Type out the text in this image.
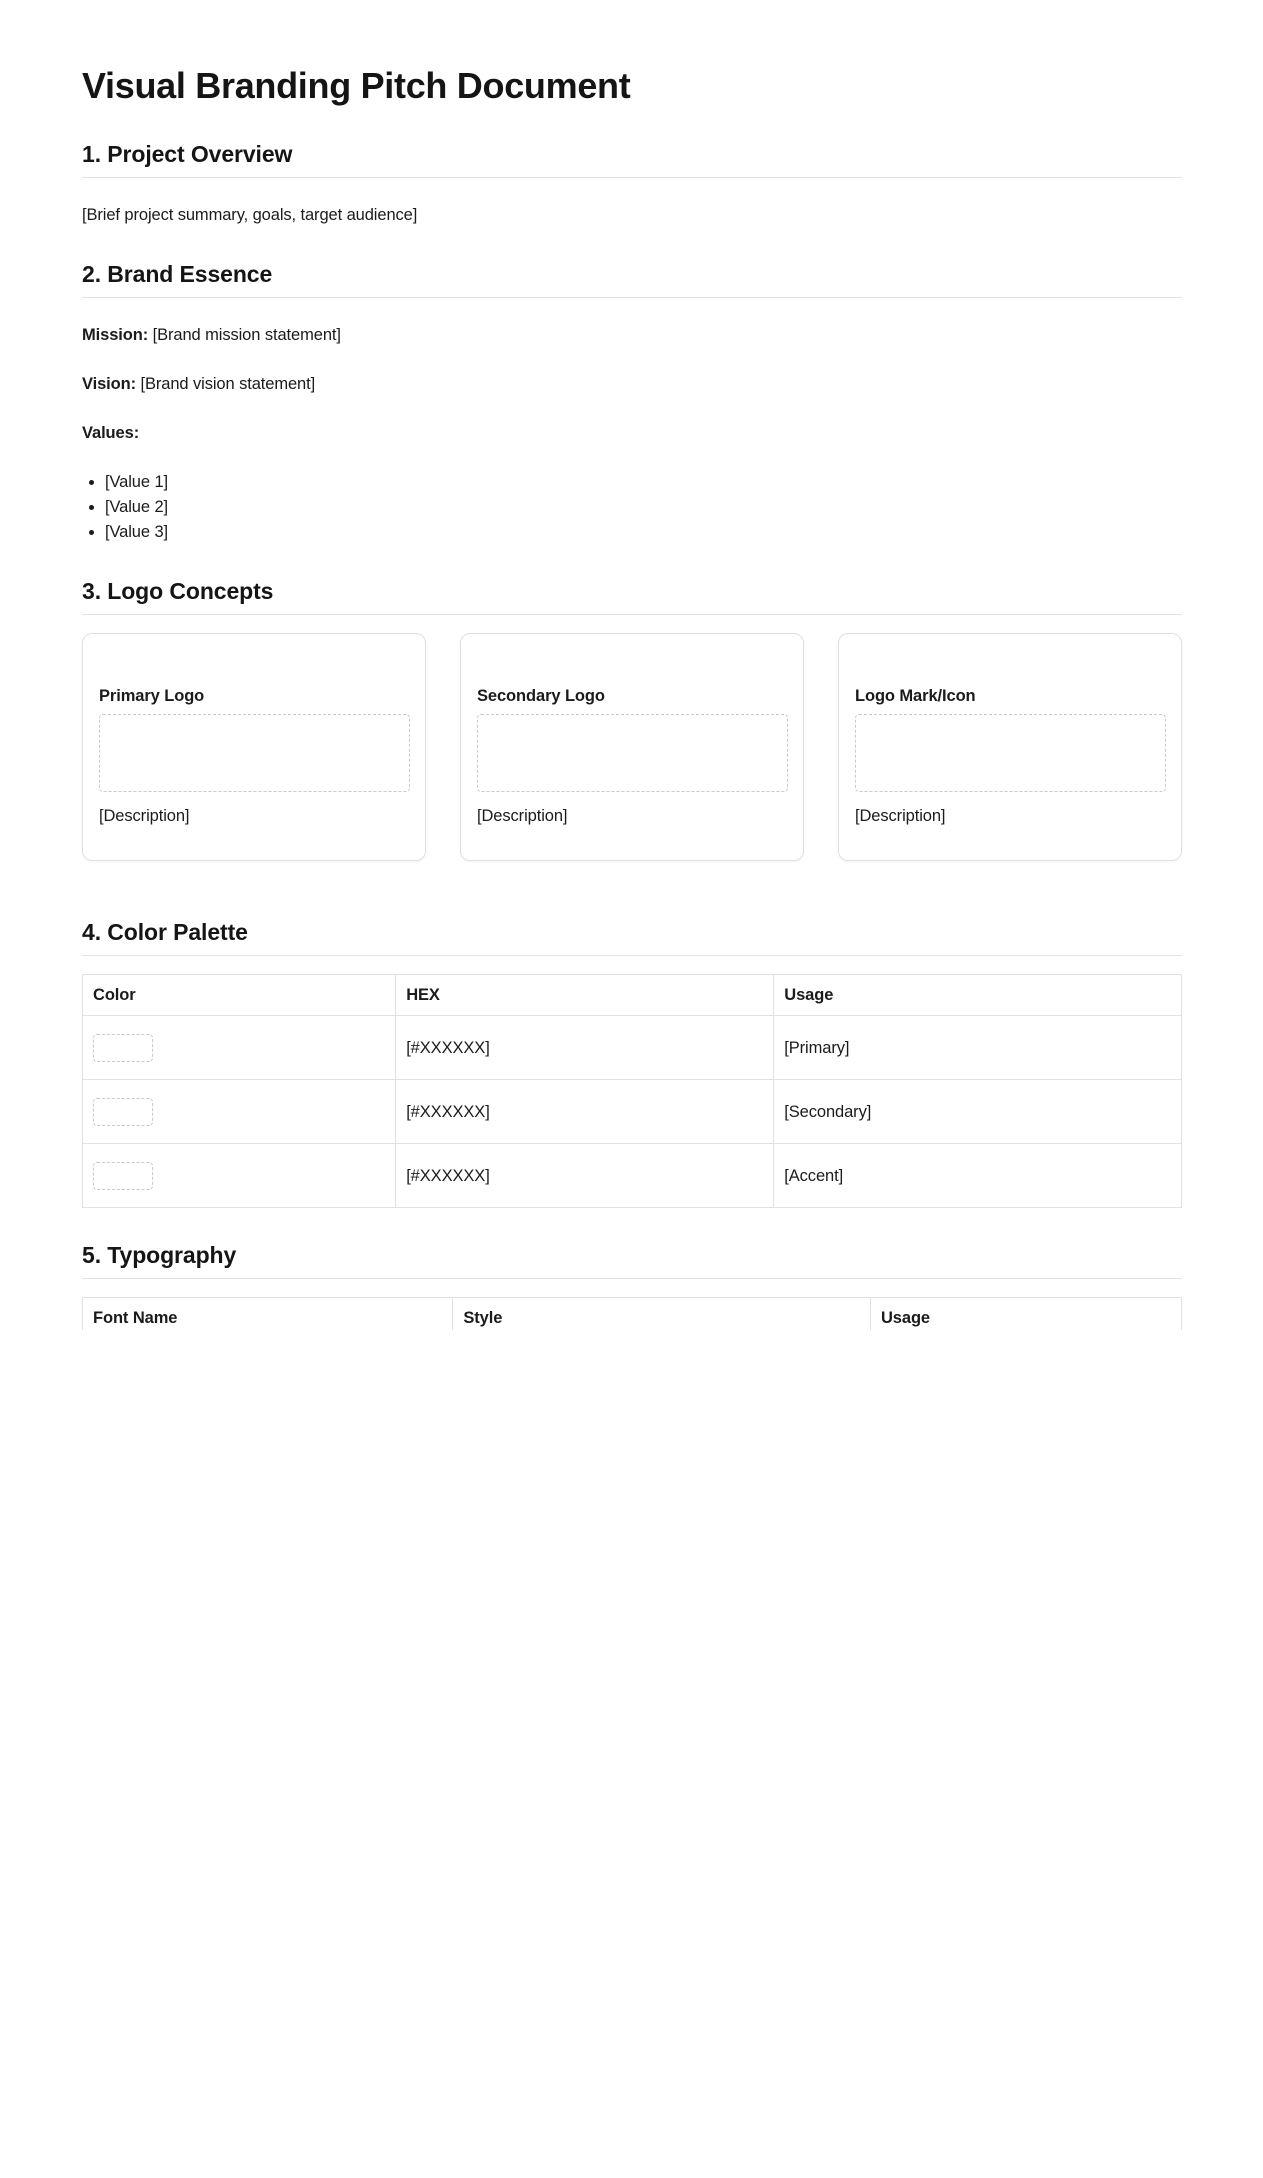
Visual Branding Pitch Document
1. Project Overview

[Brief project summary, goals, target audience]

2. Brand Essence

Mission: [Brand mission statement]

Vision: [Brand vision statement]

Values:

• [Value 1]
• [Value 2]
• [Value 3]
3. Logo Concepts

Primary Logo

[Description]

Secondary Logo

[Description]

Logo Mark/Icon

[Description]

4. Color Palette
Color	HEX	Usage

	[#XXXXXX]	[Primary]

	[#XXXXXX]	[Secondary]

	[#XXXXXX]	[Accent]
5. Typography
Font Name	Style	Usage
